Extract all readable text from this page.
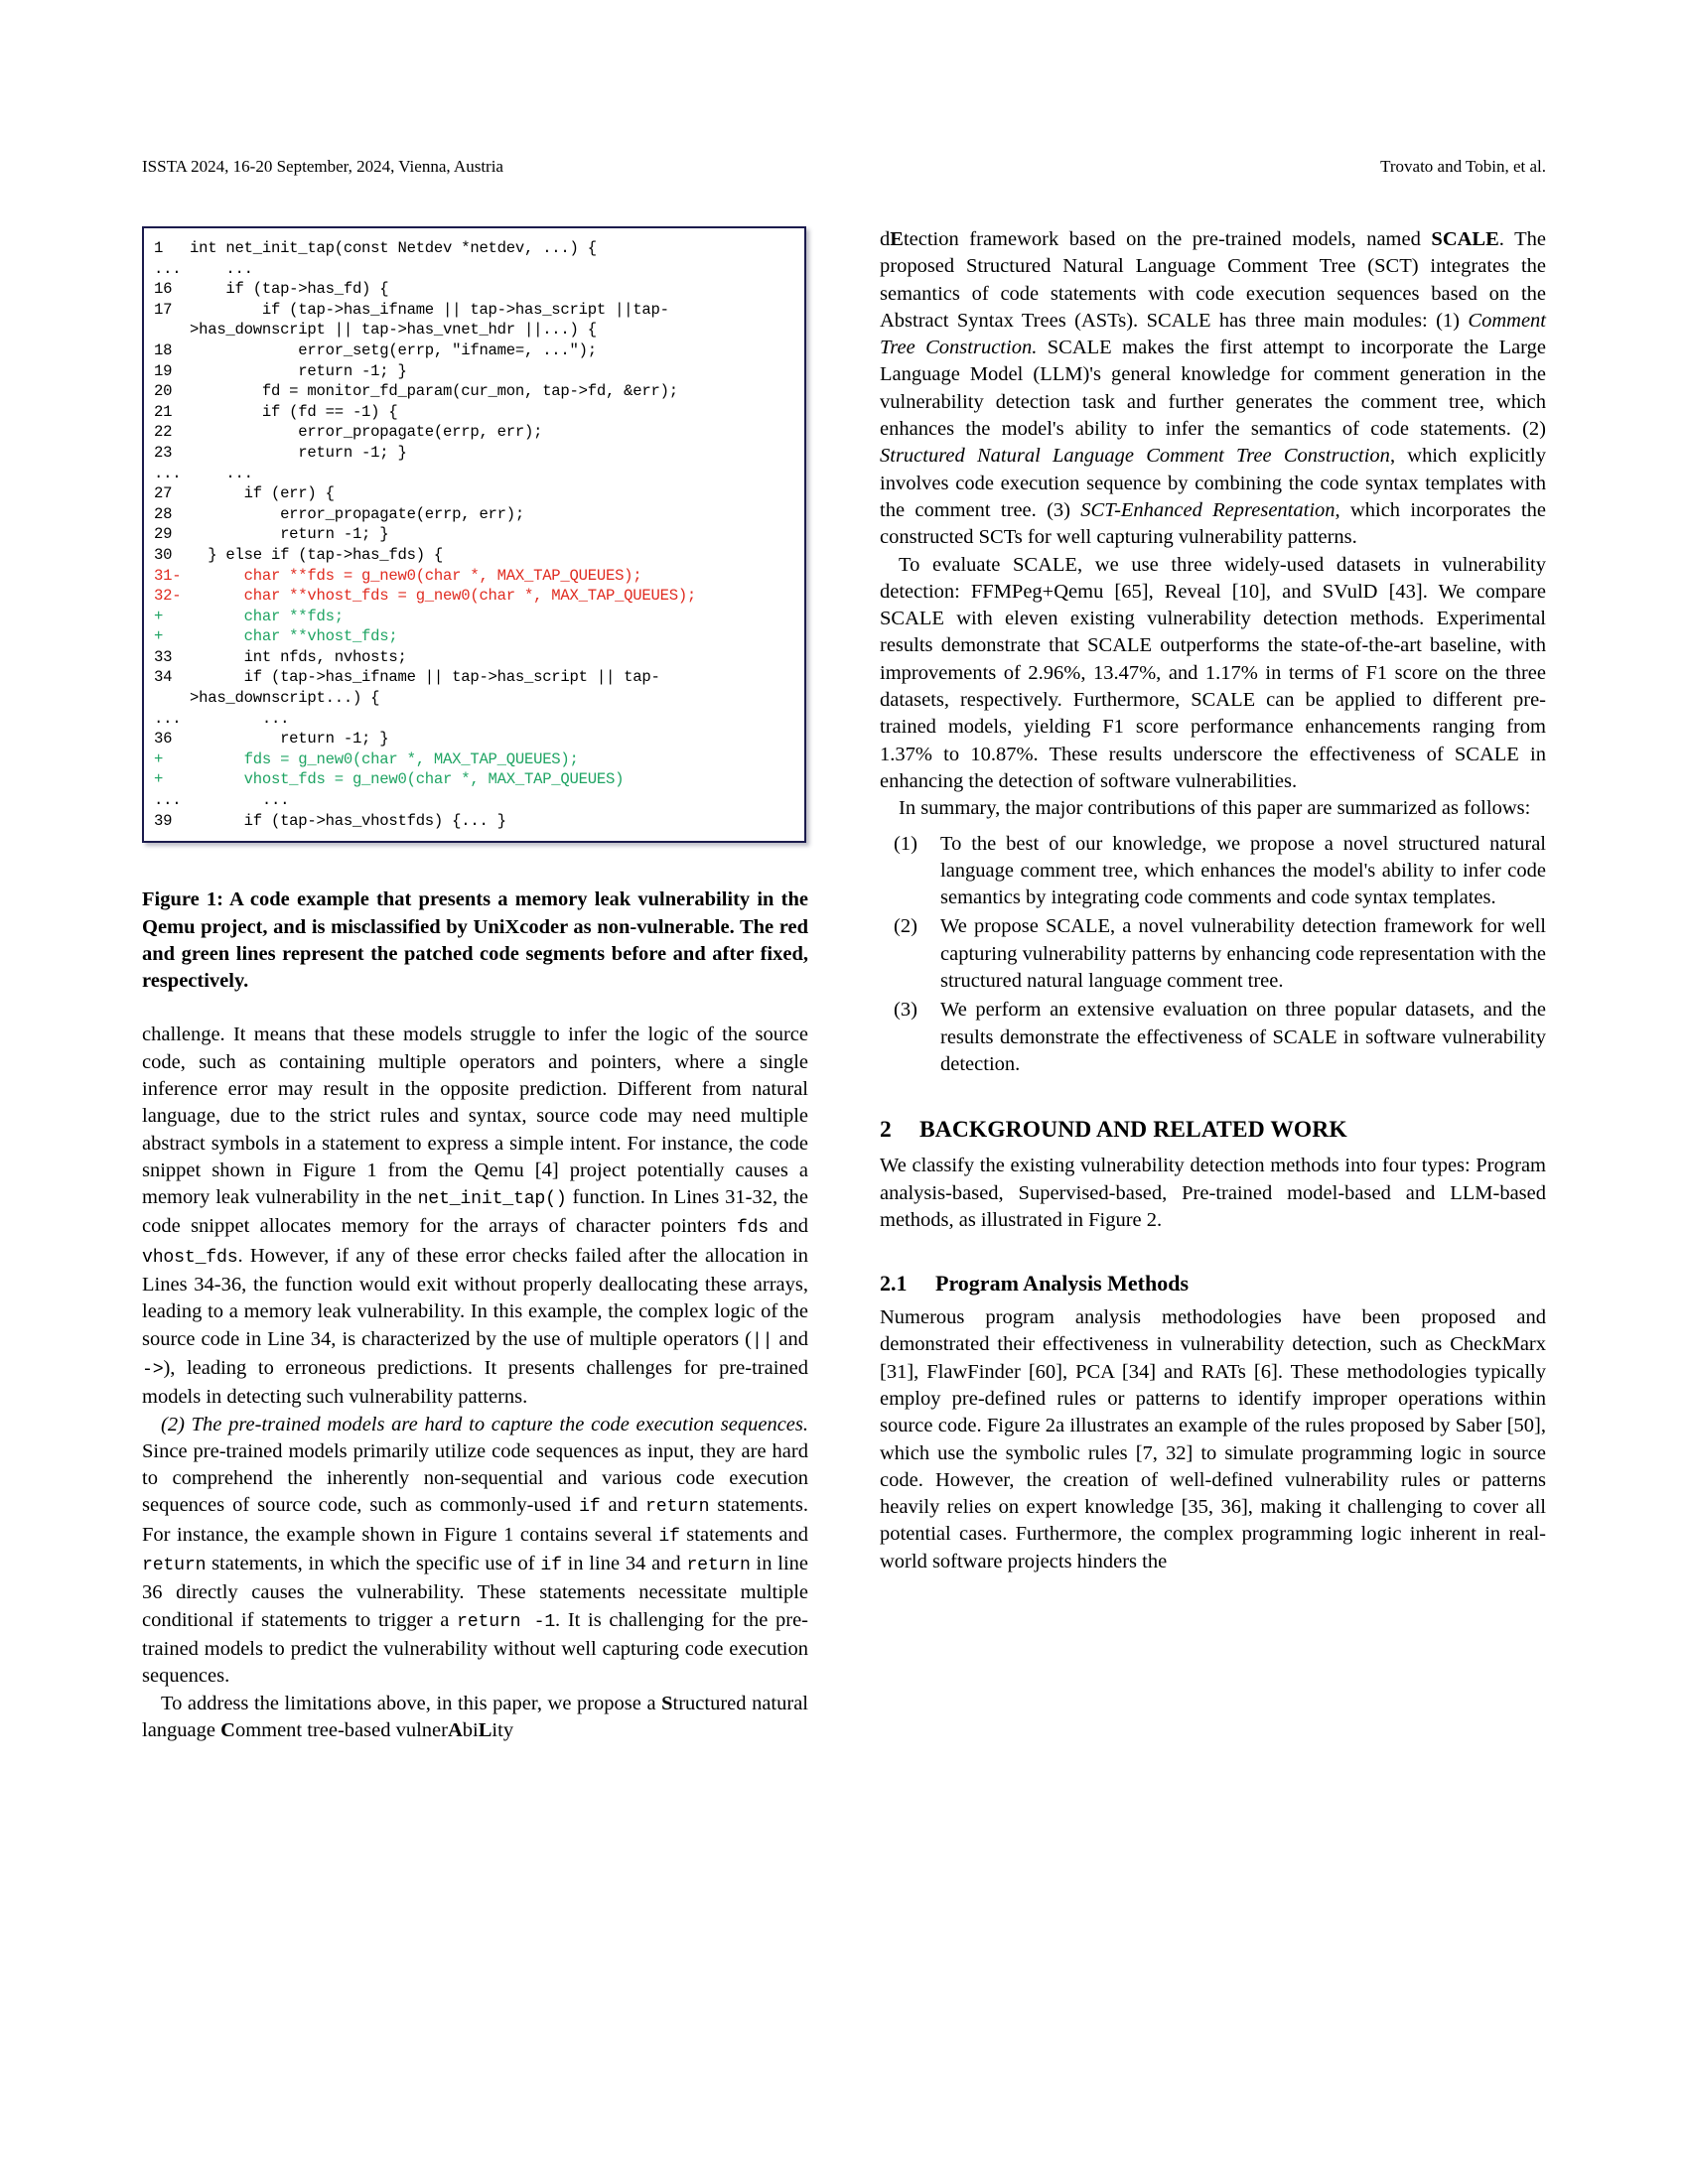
ISSTA 2024, 16-20 September, 2024, Vienna, Austria	Trovato and Tobin, et al.
1 int net_init_tap(const Netdev *netdev, ...) {
...    ...
16    if (tap->has_fd) {
17        if (tap->has_ifname || tap->has_script ||tap-
>has_downscript || tap->has_vnet_hdr ||...) {
18            error_setg(errp, "ifname=, ...");
19            return -1; }
20        fd = monitor_fd_param(cur_mon, tap->fd, &err);
21        if (fd == -1) {
22            error_propagate(errp, err);
23            return -1; }
...    ...
27      if (err) {
28          error_propagate(errp, err);
29          return -1; }
30  } else if (tap->has_fds) {
31-      char **fds = g_new0(char *, MAX_TAP_QUEUES);
32-      char **vhost_fds = g_new0(char *, MAX_TAP_QUEUES);
+      char **fds;
+      char **vhost_fds;
33      int nfds, nvhosts;
34      if (tap->has_ifname || tap->has_script || tap-
>has_downscript...) {
...        ...
36          return -1; }
+      fds = g_new0(char *, MAX_TAP_QUEUES);
+      vhost_fds = g_new0(char *, MAX_TAP_QUEUES)
...        ...
39      if (tap->has_vhostfds) {... }
Figure 1: A code example that presents a memory leak vulnerability in the Qemu project, and is misclassified by UniXcoder as non-vulnerable. The red and green lines represent the patched code segments before and after fixed, respectively.

challenge. It means that these models struggle to infer the logic of the source code, such as containing multiple operators and pointers, where a single inference error may result in the opposite prediction. Different from natural language, due to the strict rules and syntax, source code may need multiple abstract symbols in a statement to express a simple intent. For instance, the code snippet shown in Figure 1 from the Qemu [4] project potentially causes a memory leak vulnerability in the net_init_tap() function. In Lines 31-32, the code snippet allocates memory for the arrays of character pointers fds and vhost_fds. However, if any of these error checks failed after the allocation in Lines 34-36, the function would exit without properly deallocating these arrays, leading to a memory leak vulnerability. In this example, the complex logic of the source code in Line 34, is characterized by the use of multiple operators (|| and ->), leading to erroneous predictions. It presents challenges for pre-trained models in detecting such vulnerability patterns.

(2) The pre-trained models are hard to capture the code execution sequences. Since pre-trained models primarily utilize code sequences as input, they are hard to comprehend the inherently non-sequential and various code execution sequences of source code, such as commonly-used if and return statements. For instance, the example shown in Figure 1 contains several if statements and return statements, in which the specific use of if in line 34 and return in line 36 directly causes the vulnerability. These statements necessitate multiple conditional if statements to trigger a return -1. It is challenging for the pre-trained models to predict the vulnerability without well capturing code execution sequences.

To address the limitations above, in this paper, we propose a Structured natural language Comment tree-based vulnerAbiLity

dEtection framework based on the pre-trained models, named SCALE. The proposed Structured Natural Language Comment Tree (SCT) integrates the semantics of code statements with code execution sequences based on the Abstract Syntax Trees (ASTs). SCALE has three main modules: (1) Comment Tree Construction. SCALE makes the first attempt to incorporate the Large Language Model (LLM)'s general knowledge for comment generation in the vulnerability detection task and further generates the comment tree, which enhances the model's ability to infer the semantics of code statements. (2) Structured Natural Language Comment Tree Construction, which explicitly involves code execution sequence by combining the code syntax templates with the comment tree. (3) SCT-Enhanced Representation, which incorporates the constructed SCTs for well capturing vulnerability patterns.

To evaluate SCALE, we use three widely-used datasets in vulnerability detection: FFMPeg+Qemu [65], Reveal [10], and SVulD [43]. We compare SCALE with eleven existing vulnerability detection methods. Experimental results demonstrate that SCALE outperforms the state-of-the-art baseline, with improvements of 2.96%, 13.47%, and 1.17% in terms of F1 score on the three datasets, respectively. Furthermore, SCALE can be applied to different pre-trained models, yielding F1 score performance enhancements ranging from 1.37% to 10.87%. These results underscore the effectiveness of SCALE in enhancing the detection of software vulnerabilities.

In summary, the major contributions of this paper are summarized as follows:

(1)	To the best of our knowledge, we propose a novel structured natural language comment tree, which enhances the model's ability to infer code semantics by integrating code comments and code syntax templates.
(2)	We propose SCALE, a novel vulnerability detection framework for well capturing vulnerability patterns by enhancing code representation with the structured natural language comment tree.
(3)	We perform an extensive evaluation on three popular datasets, and the results demonstrate the effectiveness of SCALE in software vulnerability detection.
2 BACKGROUND AND RELATED WORK

We classify the existing vulnerability detection methods into four types: Program analysis-based, Supervised-based, Pre-trained model-based and LLM-based methods, as illustrated in Figure 2.

2.1 Program Analysis Methods

Numerous program analysis methodologies have been proposed and demonstrated their effectiveness in vulnerability detection, such as CheckMarx [31], FlawFinder [60], PCA [34] and RATs [6]. These methodologies typically employ pre-defined rules or patterns to identify improper operations within source code. Figure 2a illustrates an example of the rules proposed by Saber [50], which use the symbolic rules [7, 32] to simulate programming logic in source code. However, the creation of well-defined vulnerability rules or patterns heavily relies on expert knowledge [35, 36], making it challenging to cover all potential cases. Furthermore, the complex programming logic inherent in real-world software projects hinders the
